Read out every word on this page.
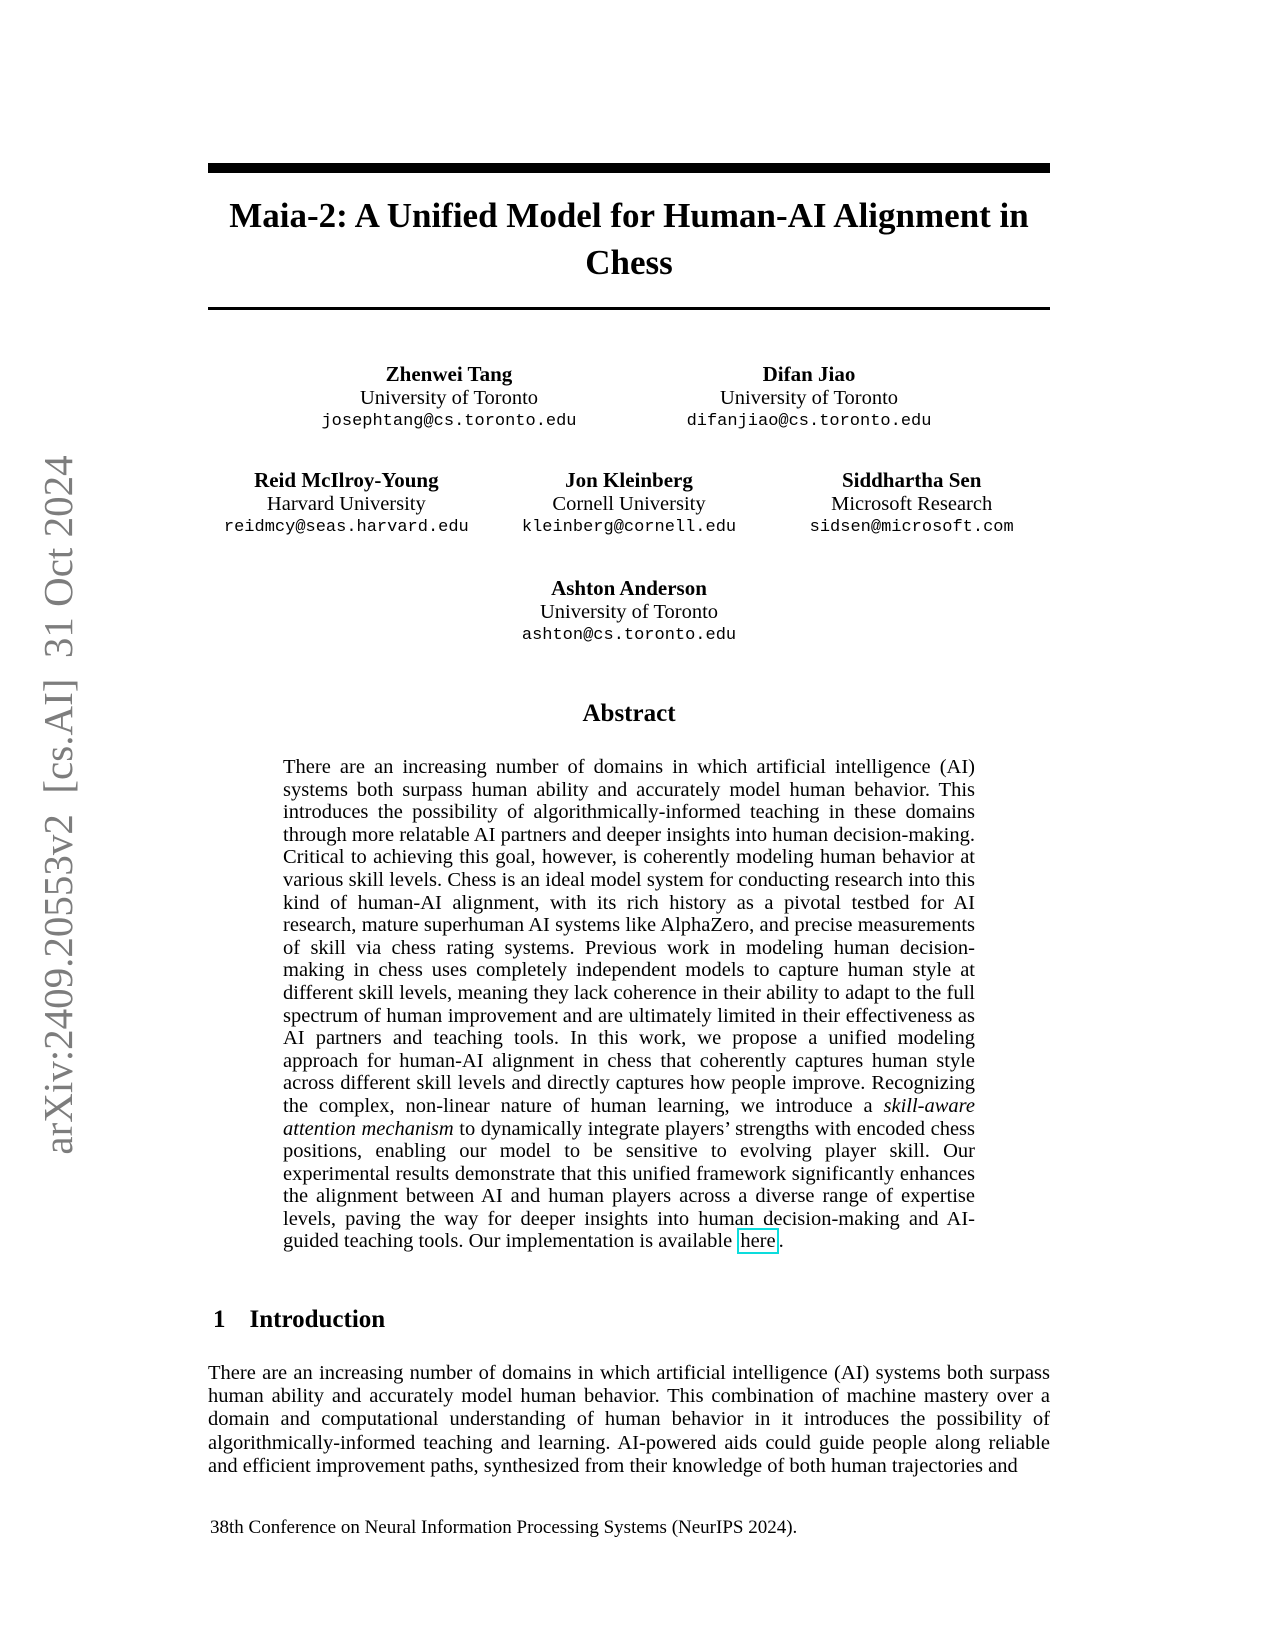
arXiv:2409.20553v2  [cs.AI]  31 Oct 2024
Maia-2: A Unified Model for Human-AI Alignment in
Chess
Zhenwei Tang
University of Toronto
josephtang@cs.toronto.edu
Difan Jiao
University of Toronto
difanjiao@cs.toronto.edu
Reid McIlroy-Young
Harvard University
reidmcy@seas.harvard.edu
Jon Kleinberg
Cornell University
kleinberg@cornell.edu
Siddhartha Sen
Microsoft Research
sidsen@microsoft.com
Ashton Anderson
University of Toronto
ashton@cs.toronto.edu
Abstract
There are an increasing number of domains in which artificial intelligence (AI) systems both surpass human ability and accurately model human behavior. This introduces the possibility of algorithmically-informed teaching in these domains through more relatable AI partners and deeper insights into human decision-making. Critical to achieving this goal, however, is coherently modeling human behavior at various skill levels. Chess is an ideal model system for conducting research into this kind of human-AI alignment, with its rich history as a pivotal testbed for AI research, mature superhuman AI systems like AlphaZero, and precise measurements of skill via chess rating systems. Previous work in modeling human decision-making in chess uses completely independent models to capture human style at different skill levels, meaning they lack coherence in their ability to adapt to the full spectrum of human improvement and are ultimately limited in their effectiveness as AI partners and teaching tools. In this work, we propose a unified modeling approach for human-AI alignment in chess that coherently captures human style across different skill levels and directly captures how people improve. Recognizing the complex, non-linear nature of human learning, we introduce a skill-aware attention mechanism to dynamically integrate players’ strengths with encoded chess positions, enabling our model to be sensitive to evolving player skill. Our experimental results demonstrate that this unified framework significantly enhances the alignment between AI and human players across a diverse range of expertise levels, paving the way for deeper insights into human decision-making and AI-guided teaching tools. Our implementation is available here .
1 Introduction
There are an increasing number of domains in which artificial intelligence (AI) systems both surpass human ability and accurately model human behavior. This combination of machine mastery over a domain and computational understanding of human behavior in it introduces the possibility of algorithmically-informed teaching and learning. AI-powered aids could guide people along reliable and efficient improvement paths, synthesized from their knowledge of both human trajectories and
38th Conference on Neural Information Processing Systems (NeurIPS 2024).
